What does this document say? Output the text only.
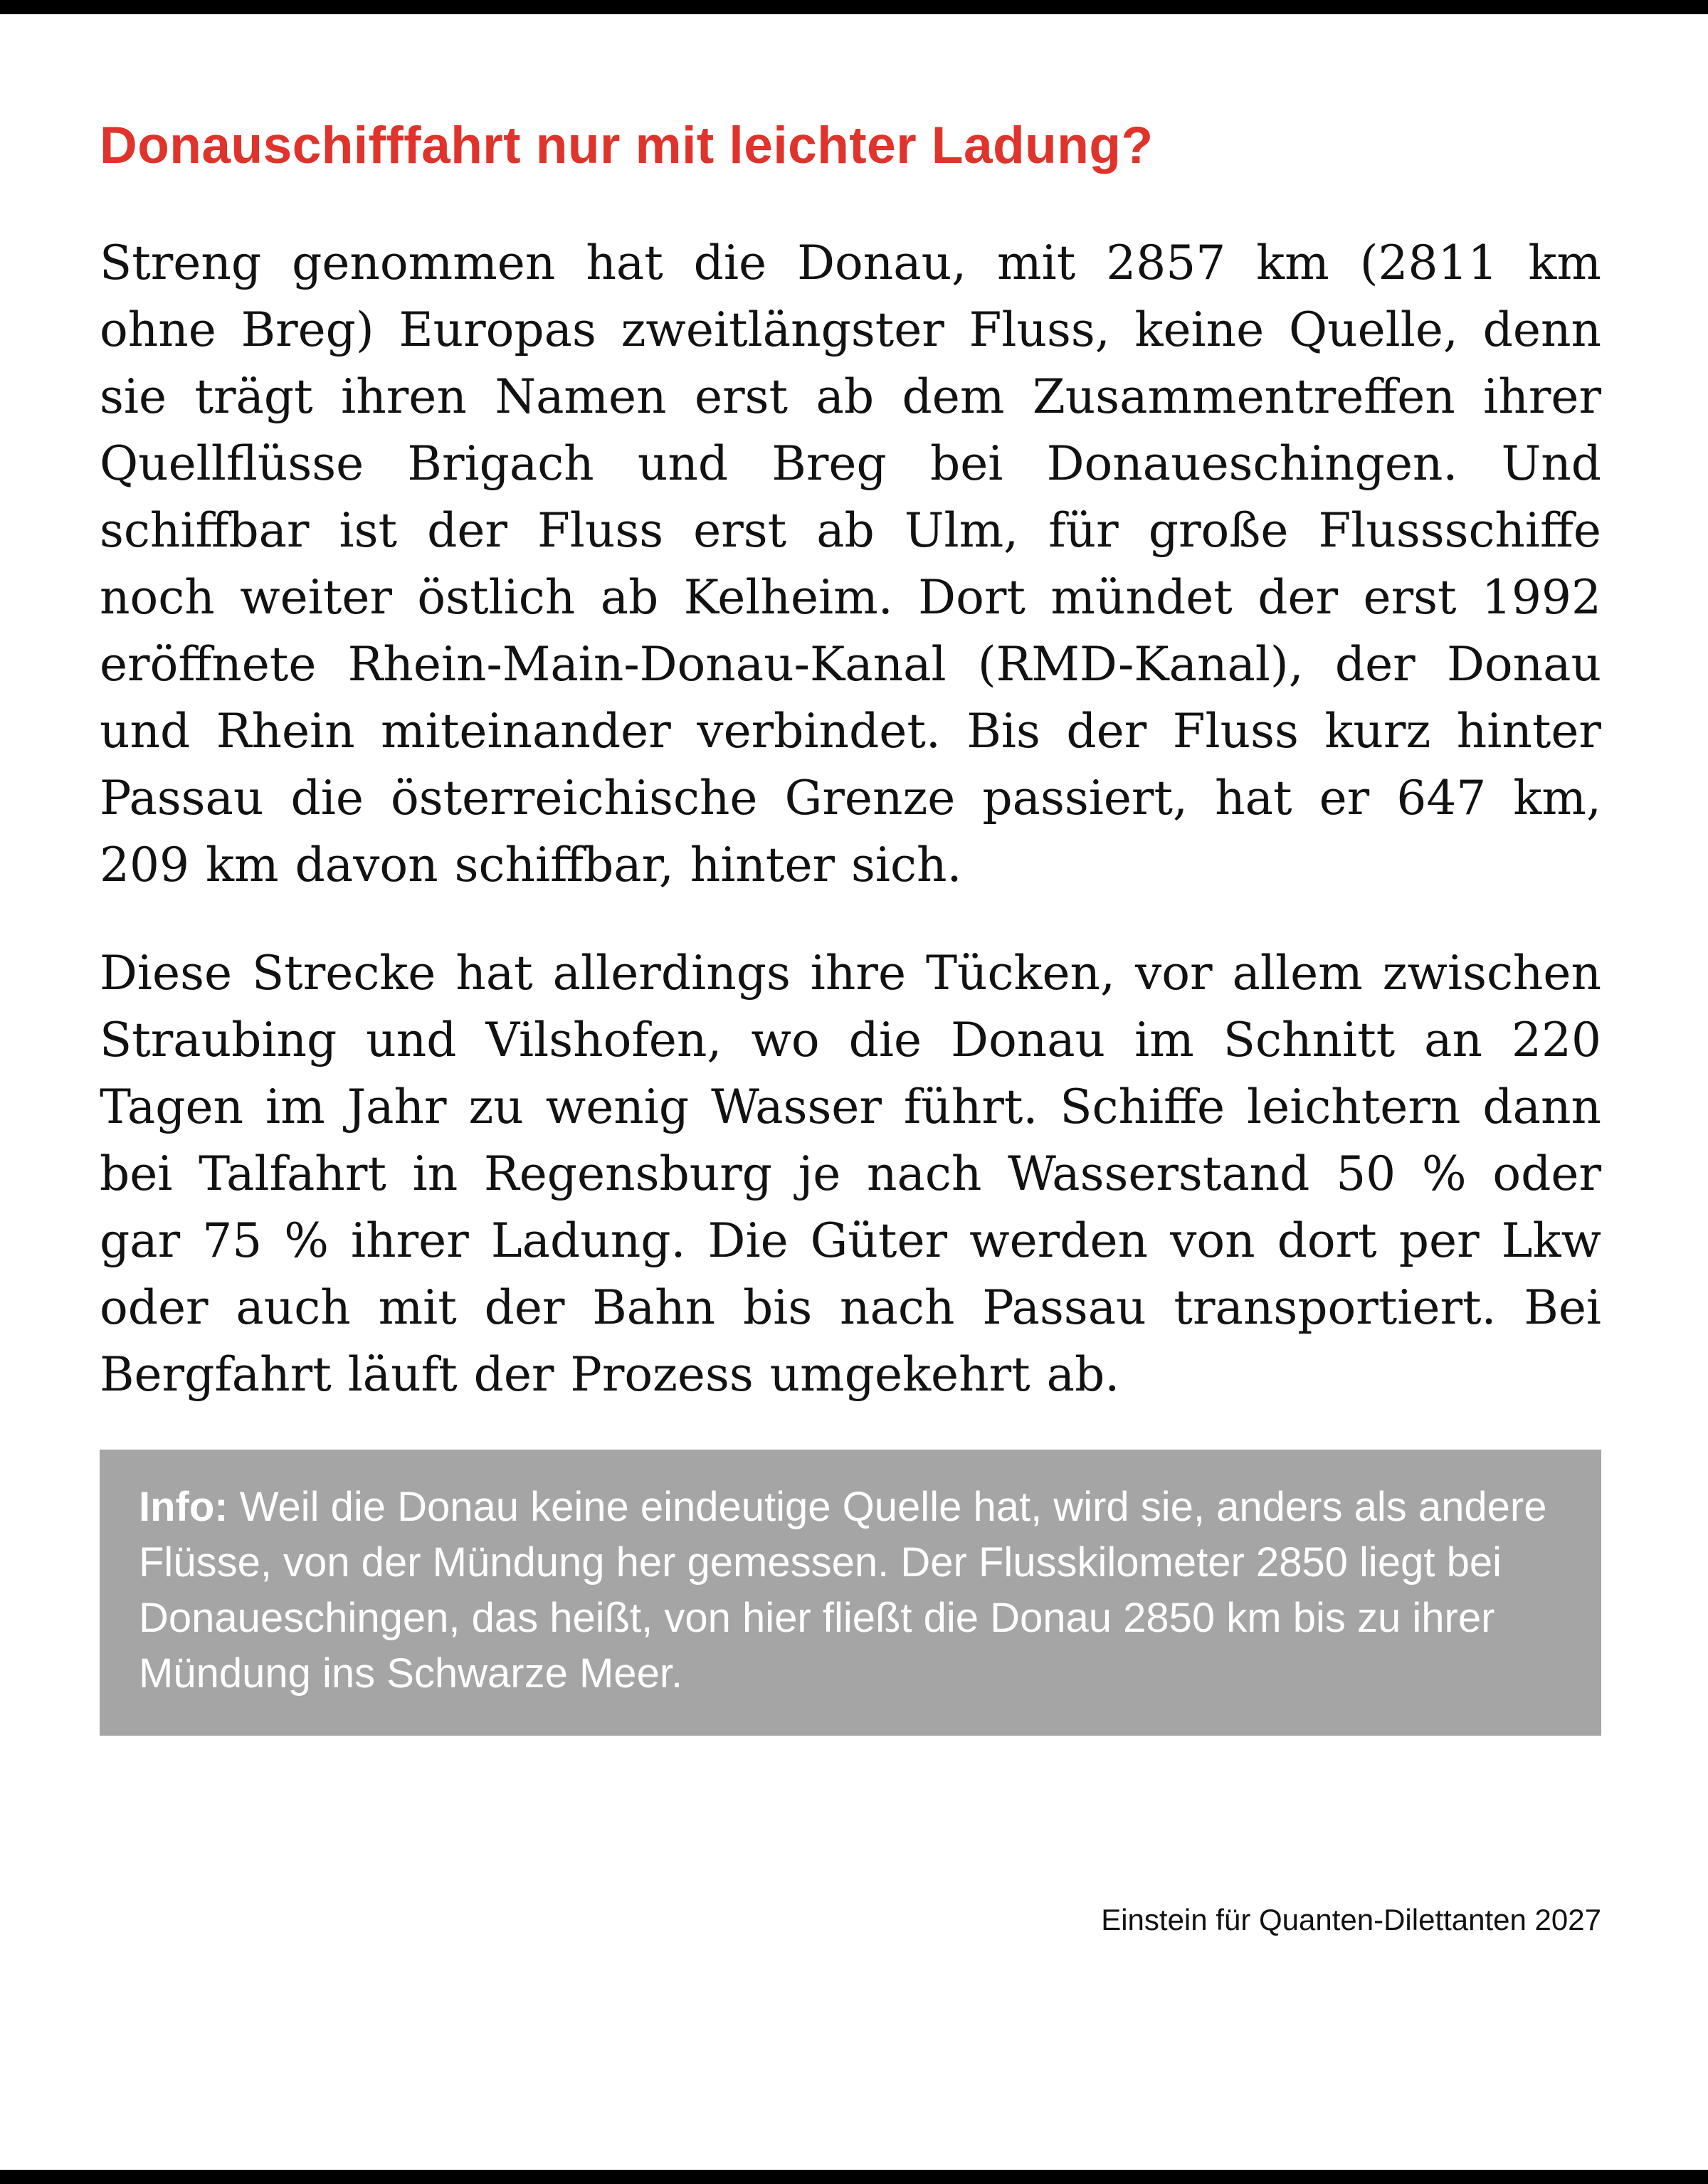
Donauschifffahrt nur mit leichter Ladung?

Streng genommen hat die Donau, mit 2857 km (2811 km ohne Breg) Europas zweitlängster Fluss, keine Quelle, denn sie trägt ihren Namen erst ab dem Zusammentreffen ihrer Quellflüsse Brigach und Breg bei Donaueschingen. Und schiffbar ist der Fluss erst ab Ulm, für große Flussschiffe noch weiter östlich ab Kelheim. Dort mündet der erst 1992 eröffnete Rhein-Main-Donau-Kanal (RMD-Kanal), der Donau und Rhein miteinander verbindet. Bis der Fluss kurz hinter Passau die österreichische Grenze passiert, hat er 647 km, 209 km davon schiffbar, hinter sich.

Diese Strecke hat allerdings ihre Tücken, vor allem zwischen Straubing und Vilshofen, wo die Donau im Schnitt an 220 Tagen im Jahr zu wenig Wasser führt. Schiffe leichtern dann bei Talfahrt in Regensburg je nach Wasserstand 50 % oder gar 75 % ihrer Ladung. Die Güter werden von dort per Lkw oder auch mit der Bahn bis nach Passau transportiert. Bei Bergfahrt läuft der Prozess umgekehrt ab.

Info: Weil die Donau keine eindeutige Quelle hat, wird sie, anders als andere Flüsse, von der Mündung her gemessen. Der Flusskilometer 2850 liegt bei Donaueschingen, das heißt, von hier fließt die Donau 2850 km bis zu ihrer Mündung ins Schwarze Meer.

Einstein für Quanten-Dilettanten 2027
